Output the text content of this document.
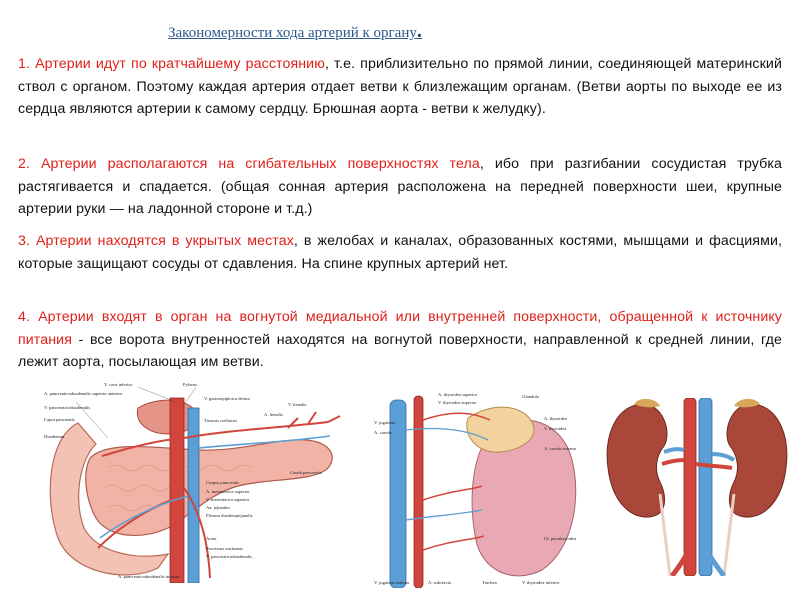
Закономерности хода артерий к органу.
1. Артерии идут по кратчайшему расстоянию, т.е. приблизительно по прямой линии, соединяющей материнский ствол с органом. Поэтому каждая артерия отдает ветви к близлежащим органам. (Ветви аорты по выходе ее из сердца являются артерии к самому сердцу. Брюшная аорта - ветви к желудку).
2. Артерии располагаются на сгибательных поверхностях тела, ибо при разгибании сосудистая трубка растягивается и спадается. (общая сонная артерия расположена на передней поверхности шеи, крупные артерии руки — на ладонной стороне и т.д.)
3. Артерии находятся в укрытых местах, в желобах и каналах, образованных костями, мышцами и фасциями, которые защищают сосуды от сдавления. На спине крупных артерий нет.
4. Артерии входят в орган на вогнутой медиальной или внутренней поверхности, обращенной к источнику питания - все ворота внутренностей находятся на вогнутой поверхности, направленной к средней линии, где лежит аорта, посылающая им ветви.
V. cava inferior	Pylorus
A. pancreaticoduodenalis superior anterior
V. pancreaticoduodenalis
Caput pancreatis
Duodenum
V. gastroepiploica dextra
Truncus coeliacus
V. lienalis
A. lienalis
Cauda pancreatis
Corpus pancreatis
A. mesenterica superior
V. mesenterica superior
Aa. jejunales
Flexura duodenojejunalis
Aorta
Processus uncinatus
V. pancreaticoduodenalis
A. pancreaticoduodenalis inferior
A. thyroidea superior
V. thyroidea superior
Glandula
V. jugularis
A. carotis
A. thyroidea
V. thyroidea
A. carotis interna
Gl. parathyroidea
V. jugularis interna	A. subclavia	Trachea	V. thyroidea inferior
